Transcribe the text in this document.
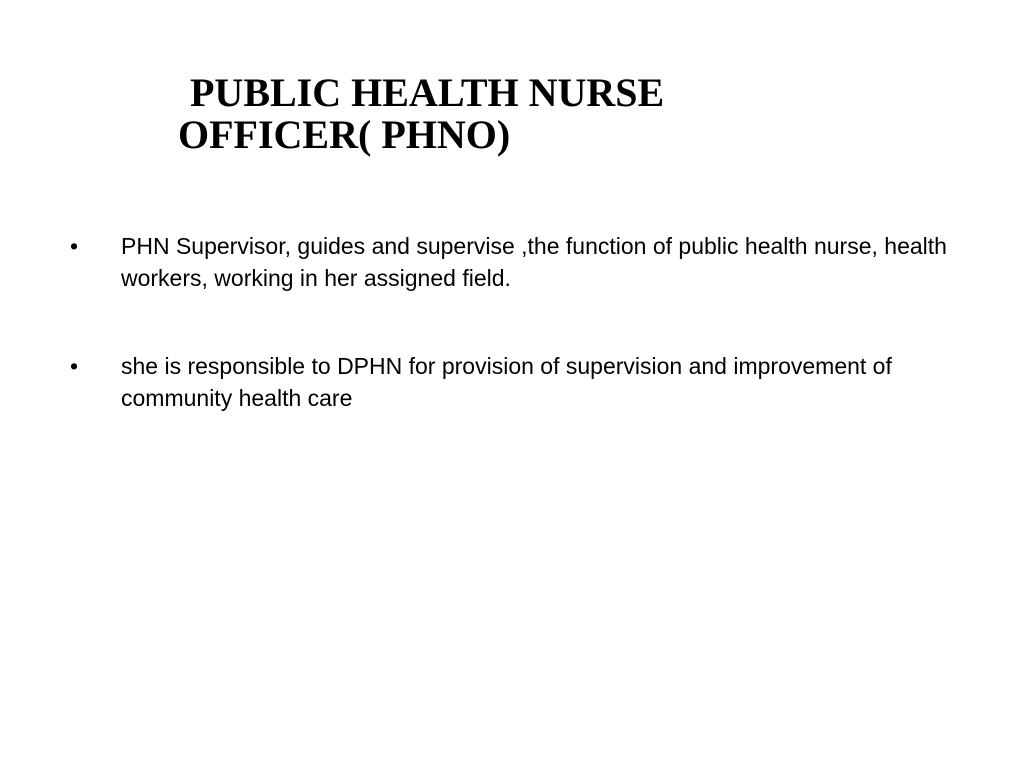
PUBLIC HEALTH NURSE
OFFICER( PHNO)
•	PHN Supervisor, guides and supervise ,the function of public health nurse, health workers, working in her assigned field.
•	she is responsible to DPHN for provision of supervision and improvement of community health care
